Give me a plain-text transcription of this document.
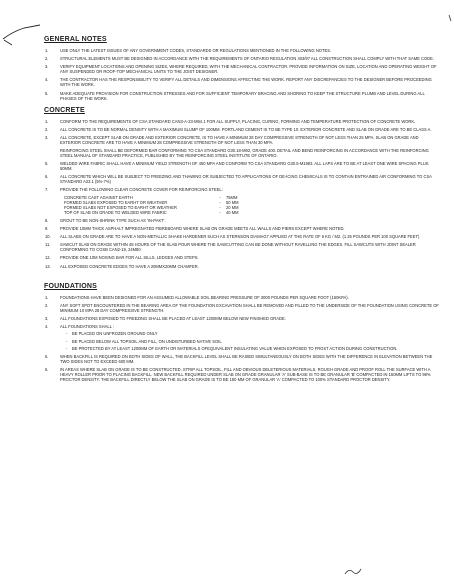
GENERAL NOTES
1.	USE ONLY THE LATEST ISSUES OF ANY GOVERNMENT CODES, STANDARDS OR REGULATIONS MENTIONED IN THE FOLLOWING NOTES.

2.	STRUCTURAL ELEMENTS MUST BE DESIGNED IN ACCORDANCE WITH THE REQUIREMENTS OF ONTARIO REGULATION 403/97 ALL CONSTRUCTION SHALL COMPLY WITH THAT SAME CODE.

3.	VERIFY EQUIPMENT LOCATIONS AND OPENING SIZES, WHERE REQUIRED, WITH THE MECHANICAL CONTRACTOR. PROVIDE INFORMATION ON SIZE, LOCATION AND OPERATING WEIGHT OF ANY SUSPENDED OR ROOF-TOP MECHANICAL UNITS TO THE JOIST DESIGNER.

4.	THE CONTRACTOR HAS THE RESPONSIBILITY TO VERIFY ALL DETAILS AND DIMENSIONS AFFECTING THE WORK. REPORT ANY DISCREPANCIES TO THE DESIGNER BEFORE PROCEEDING WITH THE WORK.

5.	MAKE ADEQUATE PROVISION FOR CONSTRUCTION STRESSES AND FOR SUFFICIENT TEMPORARY BRACING AND SHORING TO KEEP THE STRUCTURE PLUMB AND LEVEL DURING ALL PHASES OF THE WORK.

CONCRETE
1.	CONFORM TO THE REQUIREMENTS OF CSA STANDARD CAN3-A-23-M94.1 FOR ALL SUPPLY, PLACING, CURING, FORMING AND TEMPERATURE PROTECTION OF CONCRETE WORK.

2.	ALL CONCRETE IS TO BE NORMAL DENSITY WITH A MAXIMUM SLUMP OF 100MM. PORTLAND CEMENT IS TO BE TYPE 10. EXTERIOR CONCRETE AND SLAB ON GRADE ARE TO BE CLASS A.

3.	ALL CONCRETE, EXCEPT SLAB ON GRADE AND EXTERIOR CONCRETE, IS TO HAVE A MINIMUM 28 DAY COMPRESSIVE STRENGTH OF NOT LESS THAN 25 MPA. SLAB ON GRADE AND EXTERIOR CONCRETE ARE TO HAVE A MINIMUM 28 COMPRESSIVE STRENGTH OF NOT LESS THAN 30 MPA.

REINFORCING STEEL SHALL BE DEFORMED BAR CONFORMING TO CSA STANDARD G30.18-M92, GRADE 400. DETAIL AND BEND REINFORCING IN ACCORDANCE WITH THE REINFORCING STEEL MANUAL OF STANDARD PRACTICE, PUBLISHED BY THE REINFORCING STEEL INSTITUTE OF ONTARIO.

5.	WELDED WIRE FABRIC SHALL HAVE A MINIMUM YIELD STRENGTH OF 450 MPA AND CONFORM TO CSA STANDARD G30.5-M1983. ALL LAPS ARE TO BE AT LEAST ONE WIRE SPACING PLUS 50MM.

6.	ALL CONCRETE WHICH WILL BE SUBJECT TO FREEZING AND THAWING OR SUBJECTED TO APPLICATIONS OF DE-ICING CHEMICALS IS TO CONTAIN ENTRAINED AIR CONFORMING TO CSA STANDARD A23.1 (5%-7%)

7.	PROVIDE THE FOLLOWING CLEAR CONCRETE COVER FOR REINFORCING STEEL:

CONCRETE CAST AGAINST EARTH	-	75MM
FORMED SLABS EXPOSED TO EARHT OR WEATHER	-	50 MM
FORMED SLABS NOT EXPOSED TO EARHT OR WEATHER	-	20 MM
TOP OF SLAB ON GRADE TO WELDED WIRE FABRIC	-	40 MM
8.	GROUT TO BE NON-SHRINK TYPE SUCH AS 'IN-PAKT'.

9.	PROVIDE 10MM THICK ASPHALT IMPREGNATED FIBREBOARD WHERE SLAB ON GRADE MEETS ALL WALLS AND PIERS EXCEPT WHERE NOTED.

10. ALL SLABS ON GRADE ARE TO HAVE A NON-METALLIC SHAKE HARDENER SUCH AS STERNSON DIAMAG7 APPLIED AT THE RATE OF 6 KG / M2. (1.25 POUNDS PER 100 SQUARE FEET)

11. SAWCUT SLAB ON GRADE WITHIN 48 HOURS OF THE SLAB POUR WHERE THE SAWCUTTING CAN BE DONE WITHOUT RAVELLING THE EDGES. FILL SAWCUTS WITH JOINT SEALER CONFORMING TO CGSB CAN2-19, 24M80

12. PROVIDE ONE 10M NOSING BAR FOR ALL SILLS, LEDGES AND STEPS.

13. ALL EXPOSED CONCRETE EDGES TO HAVE A 20MMX20MM CHAMFER.

FOUNDATIONS
1.	FOUNDATIONS HAVE BEEN DESIGNED FOR AN ASSUMED ALLOWABLE SOIL BEARING PRESSURE OF 3000 POUNDS PER SQUARE FOOT (150KPA).

2.	ANY SOFT SPOT ENCOUNTERED IN THE BEARING AREA OF THE FOUNDATION EXCAVATION SHALL BE REMOVED AND FILLED TO THE UNDERSIDE OF THE FOUNDATION USING CONCRETE OF MINIMUM 10 MPA 28 DAY COMPRESSIVE STRENGTH.

3.	ALL FOUNDATIONS EXPOSED TO FREEZING SHALL BE PLACED AT LEAST 1200MM BELOW NEW FINISHED GRADE.

4.	ALL FOUNDATIONS SHALL :

- BE PLACED ON UNFROZEN GROUND ONLY
- BE PLACED BELOW ALL TOPSOIL AND FILL, ON UNDISTURBED NATIVE SOIL
- BE PROTECTED BY AT LEAST 1200MM OF EARTH OR MATERIALS OFEQUIVALENT INSULATING VALUE WHEN EXPOSED TO FROST ACTION DURING CONSTRUCTION.
5.	WHEN BACKFILL IS REQUIRED ON BOTH SIDES OF WALL, THE BACKFILL LEVEL SHALL BE RAISED SIMULTANEOUSLY ON BOTH SIDES WITH THE DIFFERENCE IN ELEVATION BETWEEN THE TWO SIDES NOT TO EXCEED 600 MM.

6.	IN AREAS WHERE SLAB ON GRADE IS TO BE CONSTRUCTED, STRIP ALL TOPSOIL, FILL AND OBVIOUS DELETERIOUS MATERIALS. ROUGH GRADE AND PROOF ROLL THE SURFACE WITH A HEAVY ROLLER PRIOR TO PLACING BACKFILL. NEW BACKFILL REQUIRED UNDER SLAB ON GRADE GRANULAR 'A' SUB-BASE IS TO BE GRANULAR 'B' COMPACTED IN 150MM LIFTS TO 98% PROCTOR DENSITY. THE BACKFILL DIRECTLY BELOW THE SLAB ON GRADE IS TO BE 150 MM OF GRANULAR 'A' COMPACTED TO 100% STANDARD PROCTOR DENSITY.
